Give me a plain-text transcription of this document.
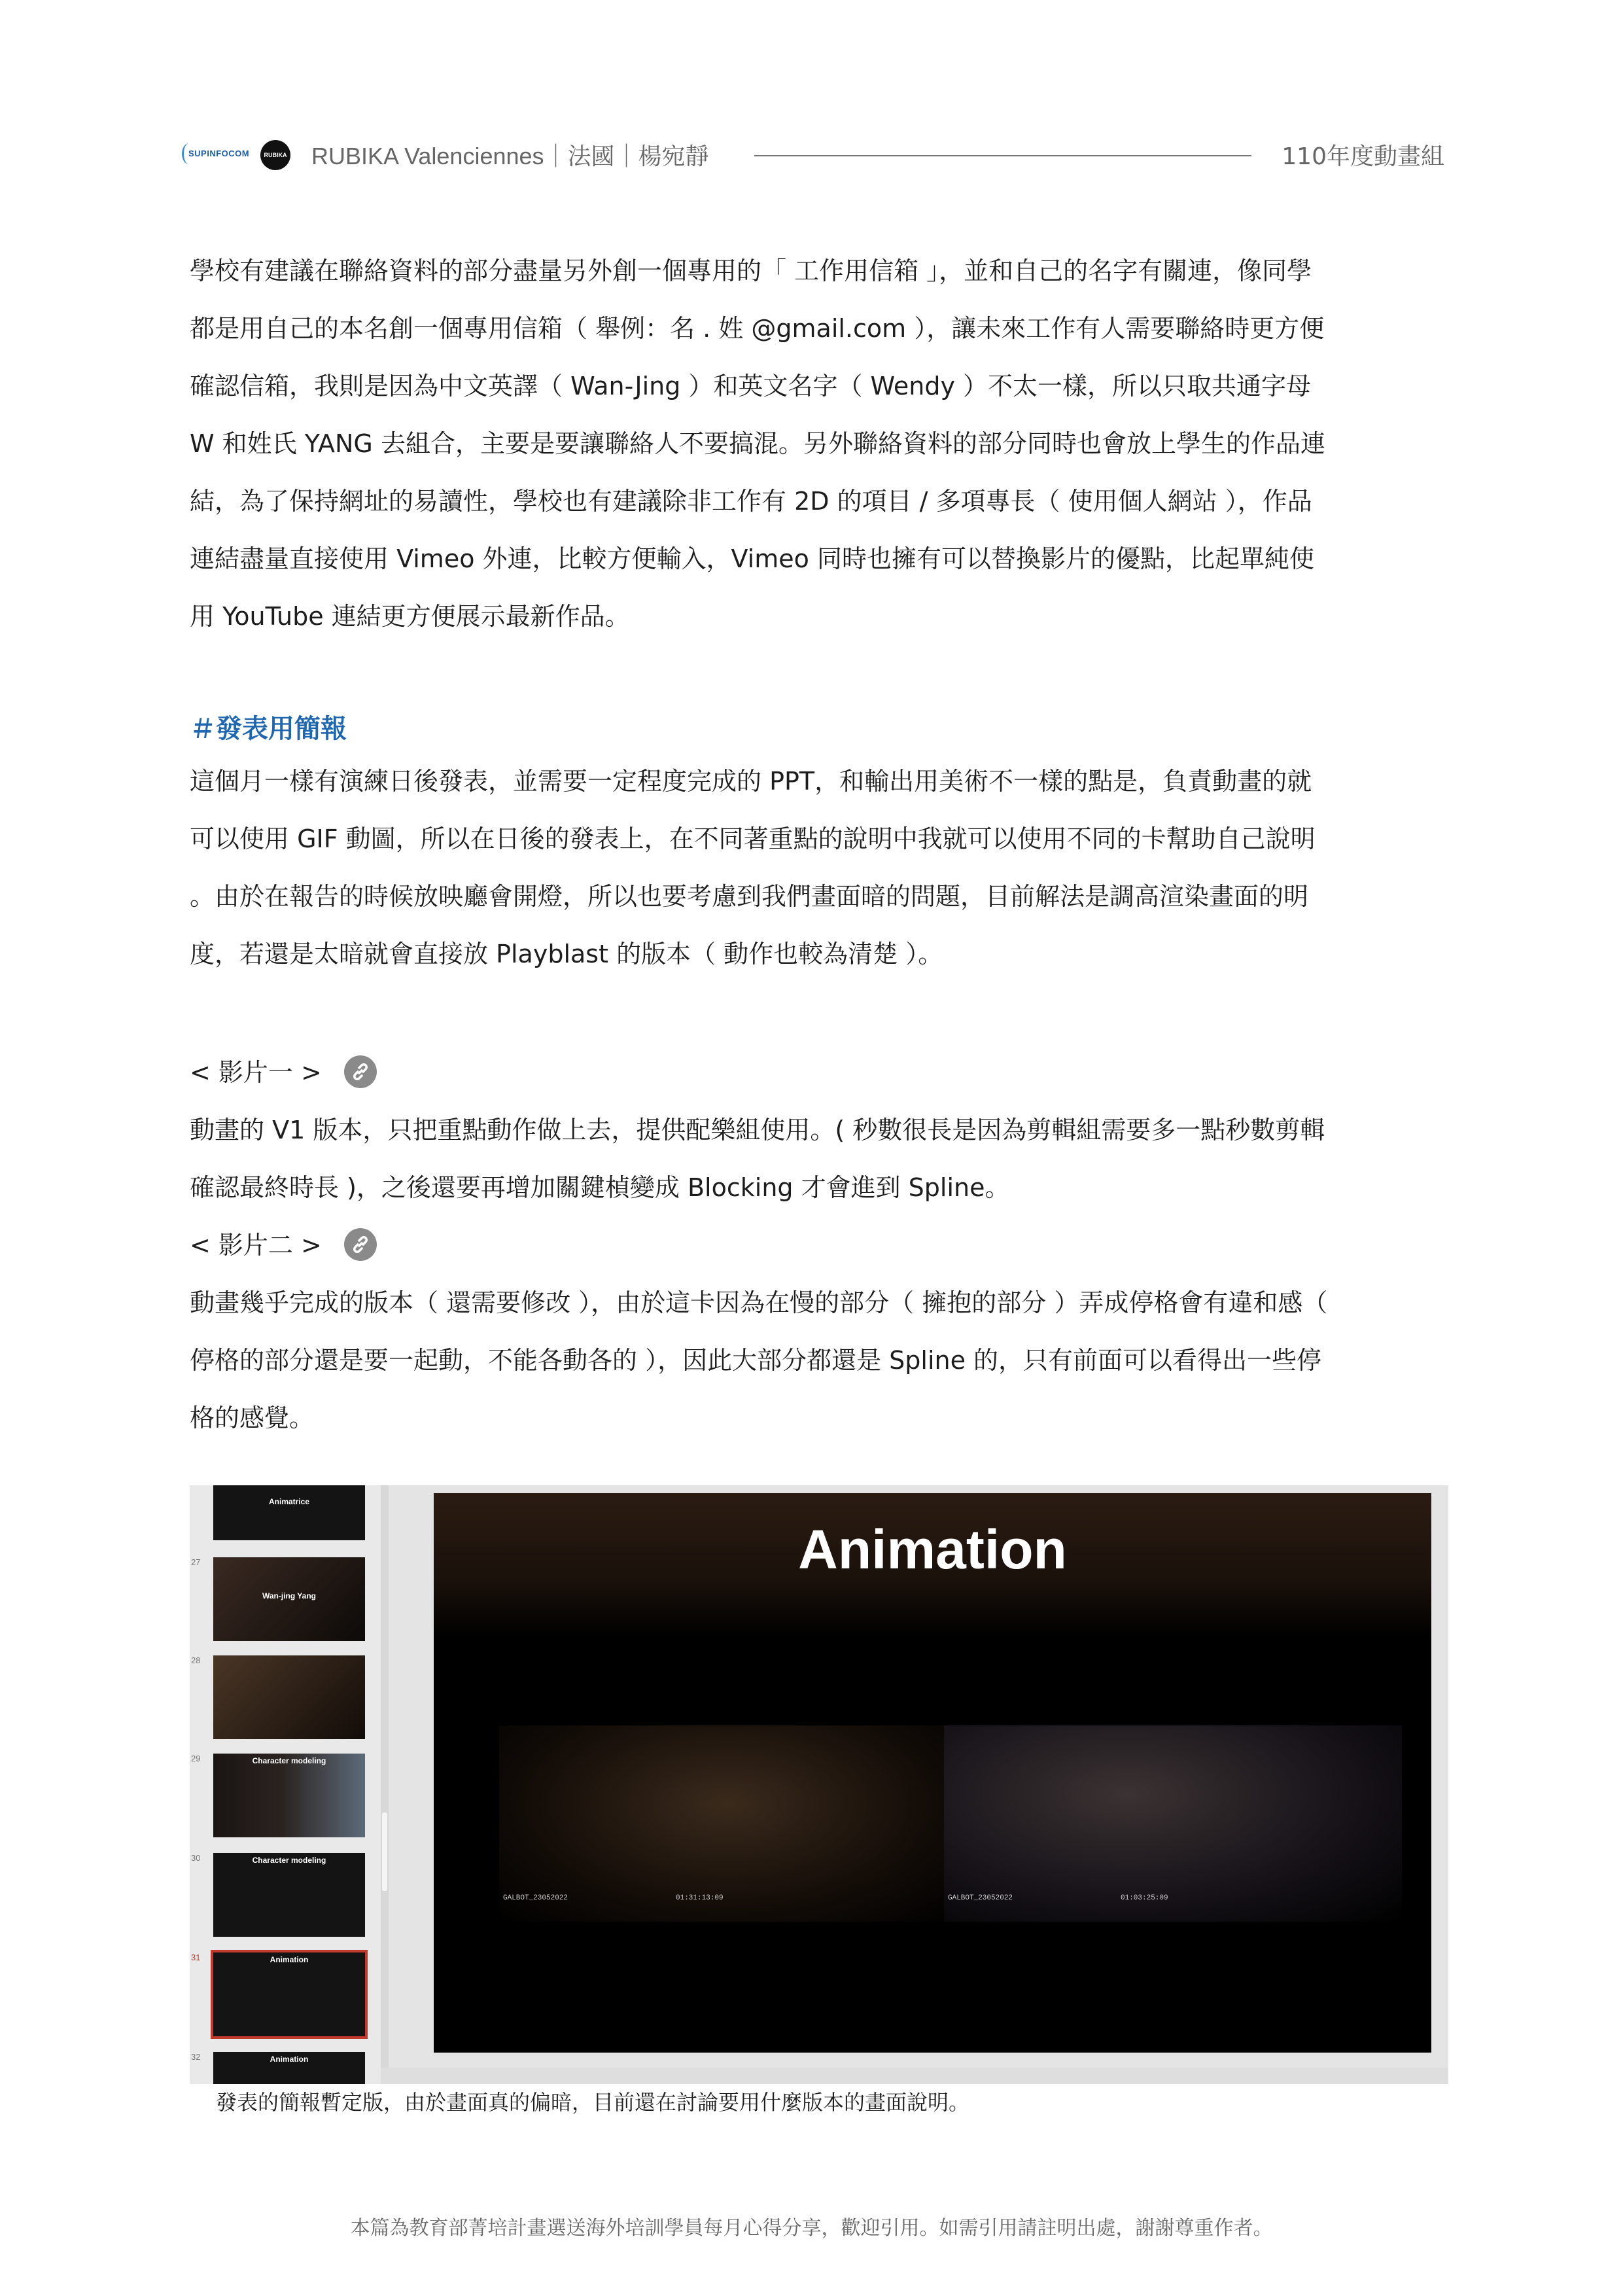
SUPINFOCOM	RUBIKA RUBIKA Valenciennes｜法國｜楊宛靜	110年度動畫組
學校有建議在聯絡資料的部分盡量另外創一個專用的「 工作用信箱 」，並和自己的名字有關連，像同學
都是用自己的本名創一個專用信箱（ 舉例：名 . 姓 @gmail.com ），讓未來工作有人需要聯絡時更方便
確認信箱，我則是因為中文英譯（ Wan-Jing ）和英文名字（ Wendy ）不太一樣，所以只取共通字母
W 和姓氏 YANG 去組合，主要是要讓聯絡人不要搞混。另外聯絡資料的部分同時也會放上學生的作品連
結，為了保持網址的易讀性，學校也有建議除非工作有 2D 的項目 / 多項專長（ 使用個人網站 ），作品
連結盡量直接使用 Vimeo 外連，比較方便輸入，Vimeo 同時也擁有可以替換影片的優點，比起單純使
用 YouTube 連結更方便展示最新作品。
＃發表用簡報
這個月一樣有演練日後發表，並需要一定程度完成的 PPT，和輸出用美術不一樣的點是，負責動畫的就
可以使用 GIF 動圖，所以在日後的發表上，在不同著重點的說明中我就可以使用不同的卡幫助自己說明
。由於在報告的時候放映廳會開燈，所以也要考慮到我們畫面暗的問題，目前解法是調高渲染畫面的明
度，若還是太暗就會直接放 Playblast 的版本（ 動作也較為清楚 ）。
< 影片一 >
動畫的 V1 版本，只把重點動作做上去，提供配樂組使用。( 秒數很長是因為剪輯組需要多一點秒數剪輯
確認最終時長 )，之後還要再增加關鍵楨變成 Blocking 才會進到 Spline。
< 影片二 >
動畫幾乎完成的版本（ 還需要修改 ），由於這卡因為在慢的部分（ 擁抱的部分 ）弄成停格會有違和感（
停格的部分還是要一起動，不能各動各的 ），因此大部分都還是 Spline 的，只有前面可以看得出一些停
格的感覺。
Animatrice
27
Wan-jing Yang
28
29	Character modeling
30	Character modeling
31	Animation
32	Animation
Animation
GALBOT_23052022	01:31:13:09	GALBOT_23052022	01:03:25:09
發表的簡報暫定版，由於畫面真的偏暗，目前還在討論要用什麼版本的畫面說明。
本篇為教育部菁培計畫選送海外培訓學員每月心得分享，歡迎引用。如需引用請註明出處，謝謝尊重作者。
